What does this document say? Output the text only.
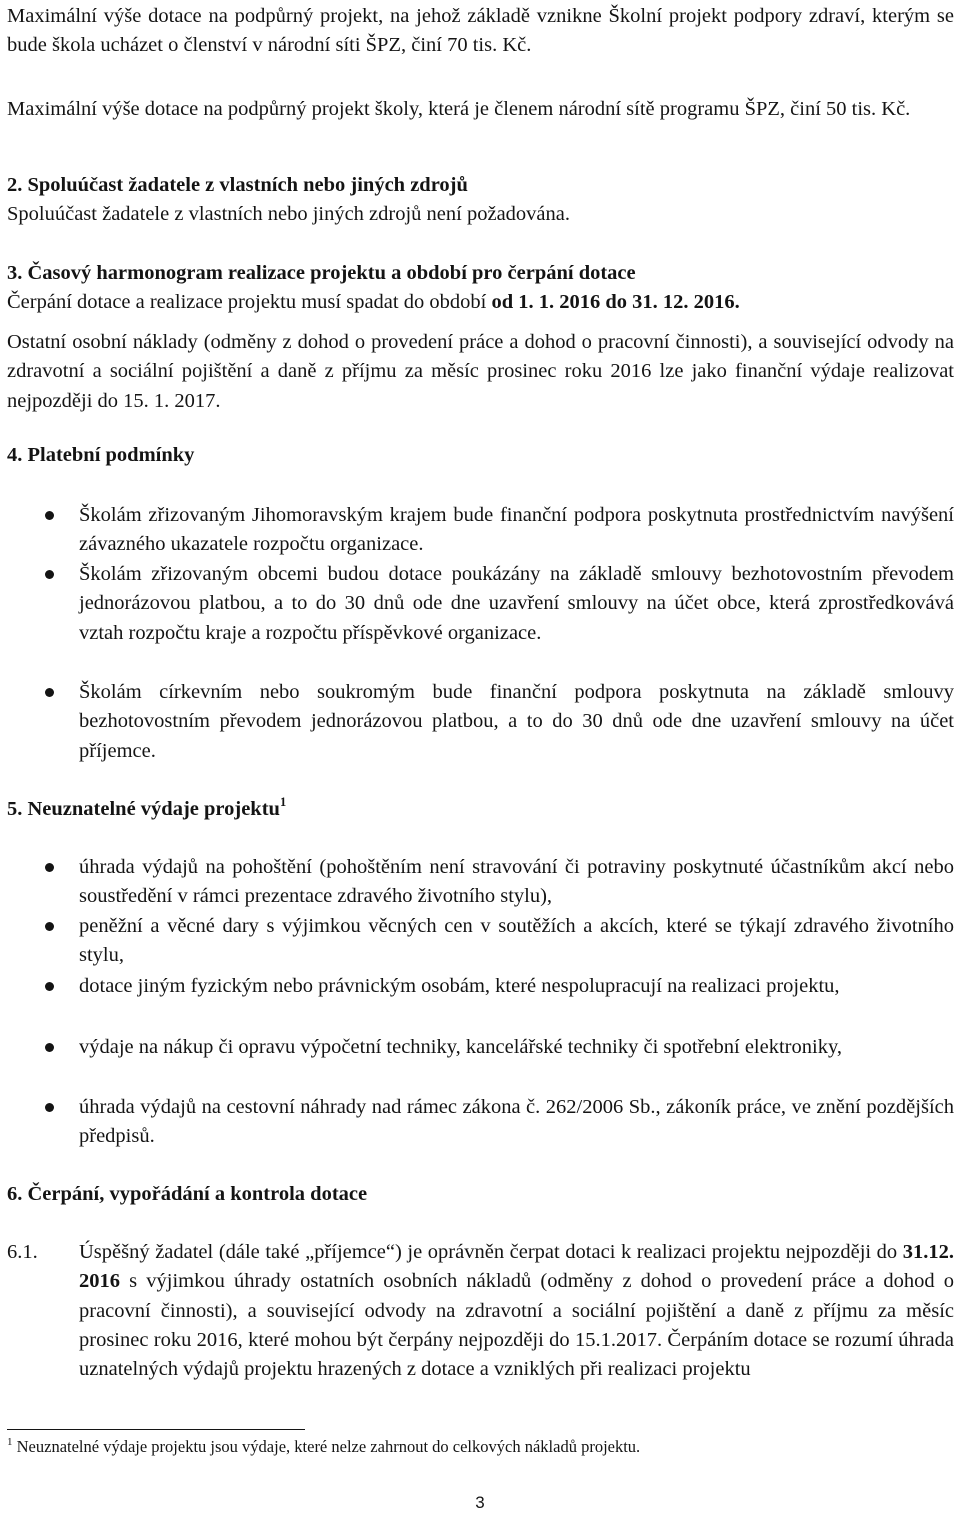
Maximální výše dotace na podpůrný projekt, na jehož základě vznikne Školní projekt podpory zdraví, kterým se bude škola ucházet o členství v národní síti ŠPZ, činí 70 tis. Kč.

Maximální výše dotace na podpůrný projekt školy, která je členem národní sítě programu ŠPZ, činí 50 tis. Kč.

2. Spoluúčast žadatele z vlastních nebo jiných zdrojů

Spoluúčast žadatele z vlastních nebo jiných zdrojů není požadována.

3. Časový harmonogram realizace projektu a období pro čerpání dotace

Čerpání dotace a realizace projektu musí spadat do období od 1. 1. 2016 do 31. 12. 2016.

Ostatní osobní náklady (odměny z dohod o provedení práce a dohod o pracovní činnosti), a související odvody na zdravotní a sociální pojištění a daně z příjmu za měsíc prosinec roku 2016 lze jako finanční výdaje realizovat nejpozději do 15. 1. 2017.

4. Platební podmínky

Školám zřizovaným Jihomoravským krajem bude finanční podpora poskytnuta prostřednictvím navýšení závazného ukazatele rozpočtu organizace.
Školám zřizovaným obcemi budou dotace poukázány na základě smlouvy bezhotovostním převodem jednorázovou platbou, a to do 30 dnů ode dne uzavření smlouvy na účet obce, která zprostředkovává vztah rozpočtu kraje a rozpočtu příspěvkové organizace.
Školám církevním nebo soukromým bude finanční podpora poskytnuta na základě smlouvy bezhotovostním převodem jednorázovou platbou, a to do 30 dnů ode dne uzavření smlouvy na účet příjemce.

5. Neuznatelné výdaje projektu$^1$

úhrada výdajů na pohoštění (pohoštěním není stravování či potraviny poskytnuté účastníkům akcí nebo soustředění v rámci prezentace zdravého životního stylu),
peněžní a věcné dary s výjimkou věcných cen v soutěžích a akcích, které se týkají zdravého životního stylu,
dotace jiným fyzickým nebo právnickým osobám, které nespolupracují na realizaci projektu,
výdaje na nákup či opravu výpočetní techniky, kancelářské techniky či spotřební elektroniky,
úhrada výdajů na cestovní náhrady nad rámec zákona č. 262/2006 Sb., zákoník práce, ve znění pozdějších předpisů.

6. Čerpání, vypořádání a kontrola dotace

6.1. Úspěšný žadatel (dále také „příjemce“) je oprávněn čerpat dotaci k realizaci projektu nejpozději do 31.12. 2016 s výjimkou úhrady ostatních osobních nákladů (odměny z dohod o provedení práce a dohod o pracovní činnosti), a související odvody na zdravotní a sociální pojištění a daně z příjmu za měsíc prosinec roku 2016, které mohou být čerpány nejpozději do 15.1.2017. Čerpáním dotace se rozumí úhrada uznatelných výdajů projektu hrazených z dotace a vzniklých při realizaci projektu
$^1$ Neuznatelné výdaje projektu jsou výdaje, které nelze zahrnout do celkových nákladů projektu.
3
